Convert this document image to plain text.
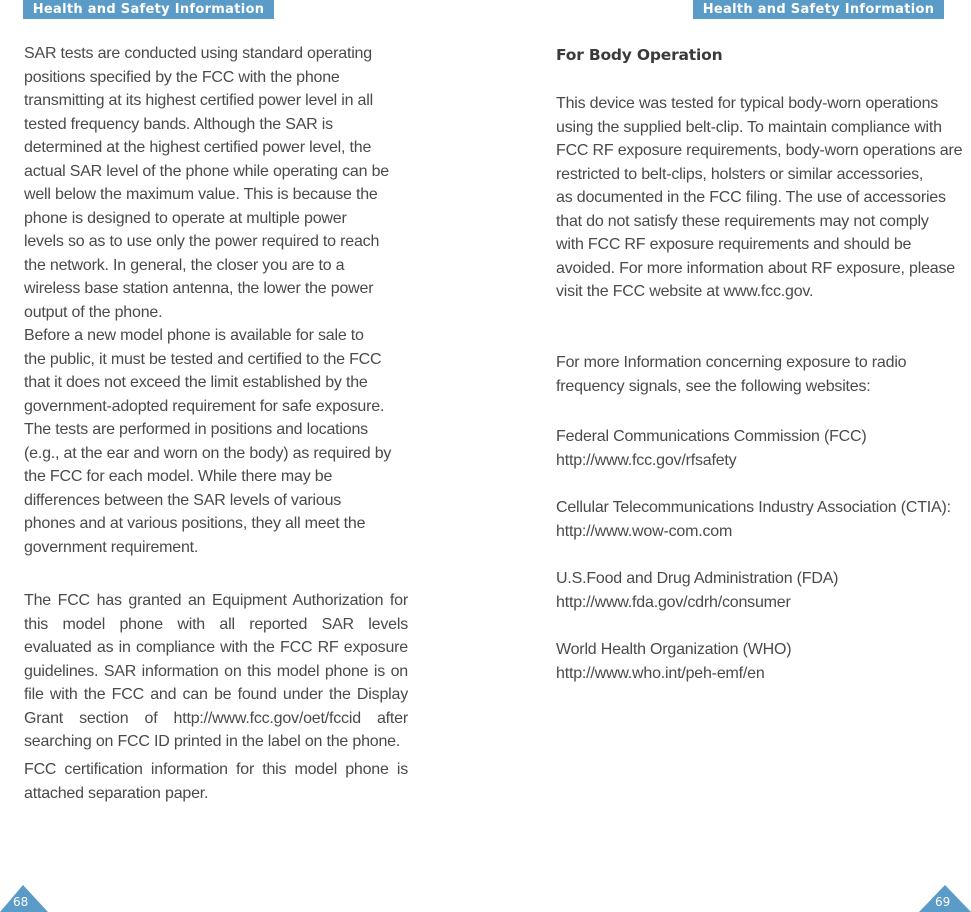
Health and Safety Information	Health and Safety Information

SAR tests are conducted using standard operating
positions specified by the FCC with the phone
transmitting at its highest certified power level in all
tested frequency bands. Although the SAR is
determined at the highest certified power level, the
actual SAR level of the phone while operating can be
well below the maximum value. This is because the
phone is designed to operate at multiple power
levels so as to use only the power required to reach
the network. In general, the closer you are to a
wireless base station antenna, the lower the power
output of the phone.
Before a new model phone is available for sale to
the public, it must be tested and certified to the FCC
that it does not exceed the limit established by the
government-adopted requirement for safe exposure.
The tests are performed in positions and locations
(e.g., at the ear and worn on the body) as required by
the FCC for each model. While there may be
differences between the SAR levels of various
phones and at various positions, they all meet the
government requirement.

The FCC has granted an Equipment Authorization for this model phone with all reported SAR levels evaluated as in compliance with the FCC RF exposure guidelines. SAR information on this model phone is on file with the FCC and can be found under the Display Grant section of http://www.fcc.gov/oet/fccid after searching on FCC ID printed in the label on the phone.

FCC certification information for this model phone is attached separation paper.

For Body Operation

This device was tested for typical body-worn operations
using the supplied belt-clip. To maintain compliance with
FCC RF exposure requirements, body-worn operations are
restricted to belt-clips, holsters or similar accessories,
as documented in the FCC filing. The use of accessories
that do not satisfy these requirements may not comply
with FCC RF exposure requirements and should be
avoided. For more information about RF exposure, please
visit the FCC website at www.fcc.gov.

For more Information concerning exposure to radio
frequency signals, see the following websites:

Federal Communications Commission (FCC)
http://www.fcc.gov/rfsafety
Cellular Telecommunications Industry Association (CTIA):
http://www.wow-com.com
U.S.Food and Drug Administration (FDA)
http://www.fda.gov/cdrh/consumer
World Health Organization (WHO)
http://www.who.int/peh-emf/en
68	69
